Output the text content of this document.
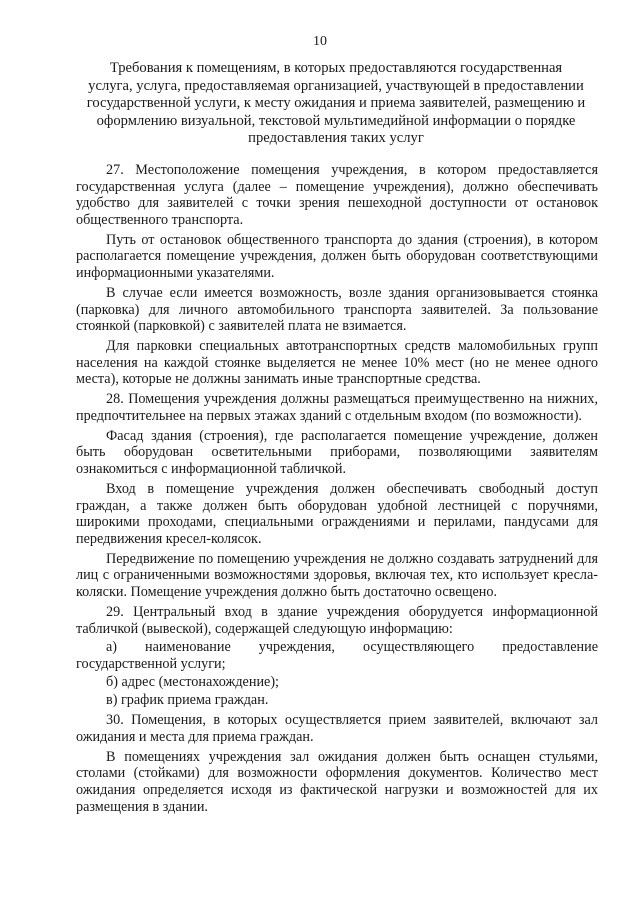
10
Требования к помещениям, в которых предоставляются государственная
услуга, услуга, предоставляемая организацией, участвующей в предоставлении
государственной услуги, к месту ожидания и приема заявителей, размещению и
оформлению визуальной, текстовой мультимедийной информации о порядке
предоставления таких услуг

27. Местоположение помещения учреждения, в котором предоставляется государственная услуга (далее – помещение учреждения), должно обеспечивать удобство для заявителей с точки зрения пешеходной доступности от остановок общественного транспорта.

Путь от остановок общественного транспорта до здания (строения), в котором располагается помещение учреждения, должен быть оборудован соответствующими информационными указателями.

В случае если имеется возможность, возле здания организовывается стоянка (парковка) для личного автомобильного транспорта заявителей. За пользование стоянкой (парковкой) с заявителей плата не взимается.

Для парковки специальных автотранспортных средств маломобильных групп населения на каждой стоянке выделяется не менее 10% мест (но не менее одного места), которые не должны занимать иные транспортные средства.

28. Помещения учреждения должны размещаться преимущественно на нижних, предпочтительнее на первых этажах зданий с отдельным входом (по возможности).

Фасад здания (строения), где располагается помещение учреждение, должен быть оборудован осветительными приборами, позволяющими заявителям ознакомиться с информационной табличкой.

Вход в помещение учреждения должен обеспечивать свободный доступ граждан, а также должен быть оборудован удобной лестницей с поручнями, широкими проходами, специальными ограждениями и перилами, пандусами для передвижения кресел-колясок.

Передвижение по помещению учреждения не должно создавать затруднений для лиц с ограниченными возможностями здоровья, включая тех, кто использует кресла-коляски. Помещение учреждения должно быть достаточно освещено.

29. Центральный вход в здание учреждения оборудуется информационной табличкой (вывеской), содержащей следующую информацию:

а) наименование учреждения, осуществляющего предоставление государственной услуги;

б) адрес (местонахождение);

в) график приема граждан.

30. Помещения, в которых осуществляется прием заявителей, включают зал ожидания и места для приема граждан.

В помещениях учреждения зал ожидания должен быть оснащен стульями, столами (стойками) для возможности оформления документов. Количество мест ожидания определяется исходя из фактической нагрузки и возможностей для их размещения в здании.
